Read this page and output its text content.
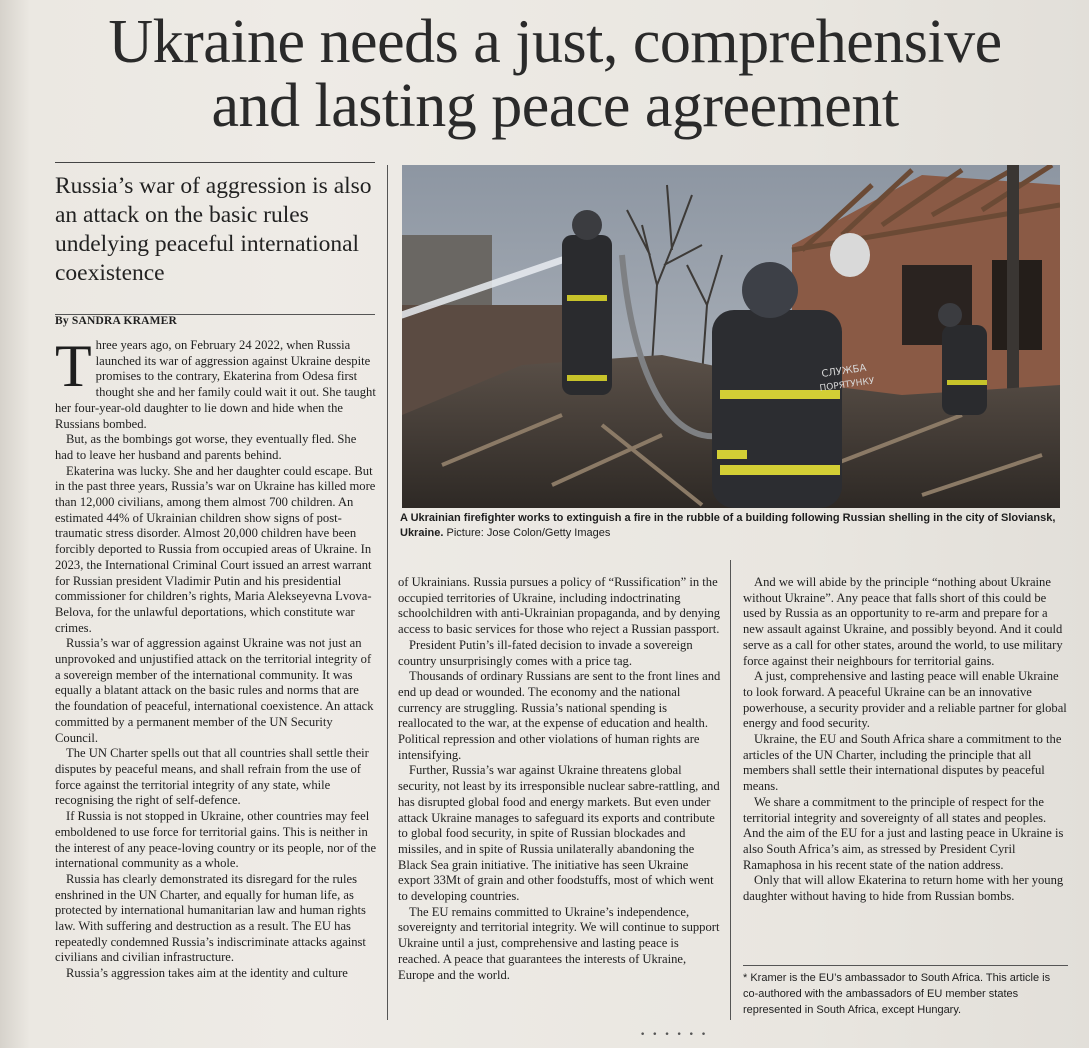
Ukraine needs a just, comprehensive
and lasting peace agreement
Russia’s war of aggression is also an attack on the basic rules undelying peaceful international coexistence
By SANDRA KRAMER

Three years ago, on February 24 2022, when Russia launched its war of aggression against Ukraine despite promises to the contrary, Ekaterina from Odesa first thought she and her family could wait it out. She taught her four-year-old daughter to lie down and hide when the Russians bombed.

But, as the bombings got worse, they eventually fled. She had to leave her husband and parents behind.

Ekaterina was lucky. She and her daughter could escape. But in the past three years, Russia’s war on Ukraine has killed more than 12,000 civilians, among them almost 700 children. An estimated 44% of Ukrainian children show signs of post-traumatic stress disorder. Almost 20,000 children have been forcibly deported to Russia from occupied areas of Ukraine. In 2023, the International Criminal Court issued an arrest warrant for Russian president Vladimir Putin and his presidential commissioner for children’s rights, Maria Alekseyevna Lvova-Belova, for the unlawful deportations, which constitute war crimes.

Russia’s war of aggression against Ukraine was not just an unprovoked and unjustified attack on the territorial integrity of a sovereign member of the international community. It was equally a blatant attack on the basic rules and norms that are the foundation of peaceful, international coexistence. An attack committed by a permanent member of the UN Security Council.

The UN Charter spells out that all countries shall settle their disputes by peaceful means, and shall refrain from the use of force against the territorial integrity of any state, while recognising the right of self-defence.

If Russia is not stopped in Ukraine, other countries may feel emboldened to use force for territorial gains. This is neither in the interest of any peace-loving country or its people, nor of the international community as a whole.

Russia has clearly demonstrated its disregard for the rules enshrined in the UN Charter, and equally for human life, as protected by international humanitarian law and human rights law. With suffering and destruction as a result. The EU has repeatedly condemned Russia’s indiscriminate attacks against civilians and civilian infrastructure.

Russia’s aggression takes aim at the identity and culture

СЛУЖБА
ПОРЯТУНКУ
A Ukrainian firefighter works to extinguish a fire in the rubble of a building following Russian shelling in the city of Sloviansk, Ukraine. Picture: Jose Colon/Getty Images

of Ukrainians. Russia pursues a policy of “Russification” in the occupied territories of Ukraine, including indoctrinating schoolchildren with anti-Ukrainian propaganda, and by denying access to basic services for those who reject a Russian passport.

President Putin’s ill-fated decision to invade a sovereign country unsurprisingly comes with a price tag.

Thousands of ordinary Russians are sent to the front lines and end up dead or wounded. The economy and the national currency are struggling. Russia’s national spending is reallocated to the war, at the expense of education and health. Political repression and other violations of human rights are intensifying.

Further, Russia’s war against Ukraine threatens global security, not least by its irresponsible nuclear sabre-rattling, and has disrupted global food and energy markets. But even under attack Ukraine manages to safeguard its exports and contribute to global food security, in spite of Russian blockades and missiles, and in spite of Russia unilaterally abandoning the Black Sea grain initiative. The initiative has seen Ukraine export 33Mt of grain and other foodstuffs, most of which went to developing countries.

The EU remains committed to Ukraine’s independence, sovereignty and territorial integrity. We will continue to support Ukraine until a just, comprehensive and lasting peace is reached. A peace that guarantees the interests of Ukraine, Europe and the world.

And we will abide by the principle “nothing about Ukraine without Ukraine”. Any peace that falls short of this could be used by Russia as an opportunity to re-arm and prepare for a new assault against Ukraine, and possibly beyond. And it could serve as a call for other states, around the world, to use military force against their neighbours for territorial gains.

A just, comprehensive and lasting peace will enable Ukraine to look forward. A peaceful Ukraine can be an innovative powerhouse, a security provider and a reliable partner for global energy and food security.

Ukraine, the EU and South Africa share a commitment to the articles of the UN Charter, including the principle that all members shall settle their international disputes by peaceful means.

We share a commitment to the principle of respect for the territorial integrity and sovereignty of all states and peoples. And the aim of the EU for a just and lasting peace in Ukraine is also South Africa’s aim, as stressed by President Cyril Ramaphosa in his recent state of the nation address.

Only that will allow Ekaterina to return home with her young daughter without having to hide from Russian bombs.

* Kramer is the EU’s ambassador to South Africa. This article is co-authored with the ambassadors of EU member states represented in South Africa, except Hungary.
• • • • • •
